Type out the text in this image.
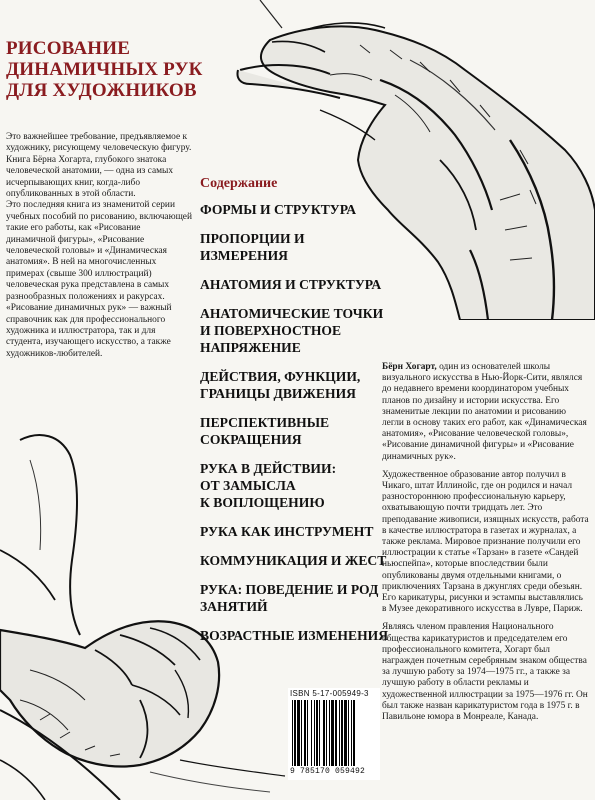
РИСОВАНИЕ
ДИНАМИЧНЫХ РУК
ДЛЯ ХУДОЖНИКОВ

Это важнейшее требование, предъявляемое к художнику, рисующему человеческую фигуру. Книга Бёрна Хогарта, глубокого знатока человеческой анатомии, — одна из самых исчерпывающих книг, когда-либо опубликованных в этой области.

Это последняя книга из знаменитой серии учебных пособий по рисованию, включающей такие его работы, как «Рисование динамичной фигуры», «Рисование человеческой головы» и «Динамическая анатомия». В ней на многочисленных примерах (свыше 300 иллюстраций) человеческая рука представлена в самых разнообразных положениях и ракурсах. «Рисование динамичных рук» — важный справочник как для профессионального художника и иллюстратора, так и для студента, изучающего искусство, а также художников-любителей.

Содержание
ФОРМЫ И СТРУКТУРА
ПРОПОРЦИИ И
ИЗМЕРЕНИЯ
АНАТОМИЯ И СТРУКТУРА
АНАТОМИЧЕСКИЕ ТОЧКИ
И ПОВЕРХНОСТНОЕ
НАПРЯЖЕНИЕ
ДЕЙСТВИЯ, ФУНКЦИИ,
ГРАНИЦЫ ДВИЖЕНИЯ
ПЕРСПЕКТИВНЫЕ
СОКРАЩЕНИЯ
РУКА В ДЕЙСТВИИ:
ОТ ЗАМЫСЛА
К ВОПЛОЩЕНИЮ
РУКА КАК ИНСТРУМЕНТ
КОММУНИКАЦИЯ И ЖЕСТ
РУКА: ПОВЕДЕНИЕ И РОД
ЗАНЯТИЙ
ВОЗРАСТНЫЕ ИЗМЕНЕНИЯ

Бёрн Хогарт, один из основателей школы визуального искусства в Нью-Йорк-Сити, являлся до недавнего времени координатором учебных планов по дизайну и истории искусства. Его знаменитые лекции по анатомии и рисованию легли в основу таких его работ, как «Динамическая анатомия», «Рисование человеческой головы», «Рисование динамичной фигуры» и «Рисование динамичных рук».

Художественное образование автор получил в Чикаго, штат Иллинойс, где он родился и начал разностороннюю профессиональную карьеру, охватывающую почти тридцать лет. Это преподавание живописи, изящных искусств, работа в качестве иллюстратора в газетах и журналах, а также реклама. Мировое признание получили его иллюстрации к статье «Тарзан» в газете «Сандей ньюспейпа», которые впоследствии были опубликованы двумя отдельными книгами, о приключениях Тарзана в джунглях среди обезьян. Его карикатуры, рисунки и эстампы выставлялись в Музее декоративного искусства в Лувре, Париж.

Являясь членом правления Национального общества карикатуристов и председателем его профессионального комитета, Хогарт был награжден почетным серебряным знаком общества за лучшую работу за 1974—1975 гг., а также за лучшую работу в области рекламы и художественной иллюстрации за 1975—1976 гг. Он был также назван карикатуристом года в 1975 г. в Павильоне юмора в Монреале, Канада.

ISBN 5-17-005949-3
9 785170 059492
